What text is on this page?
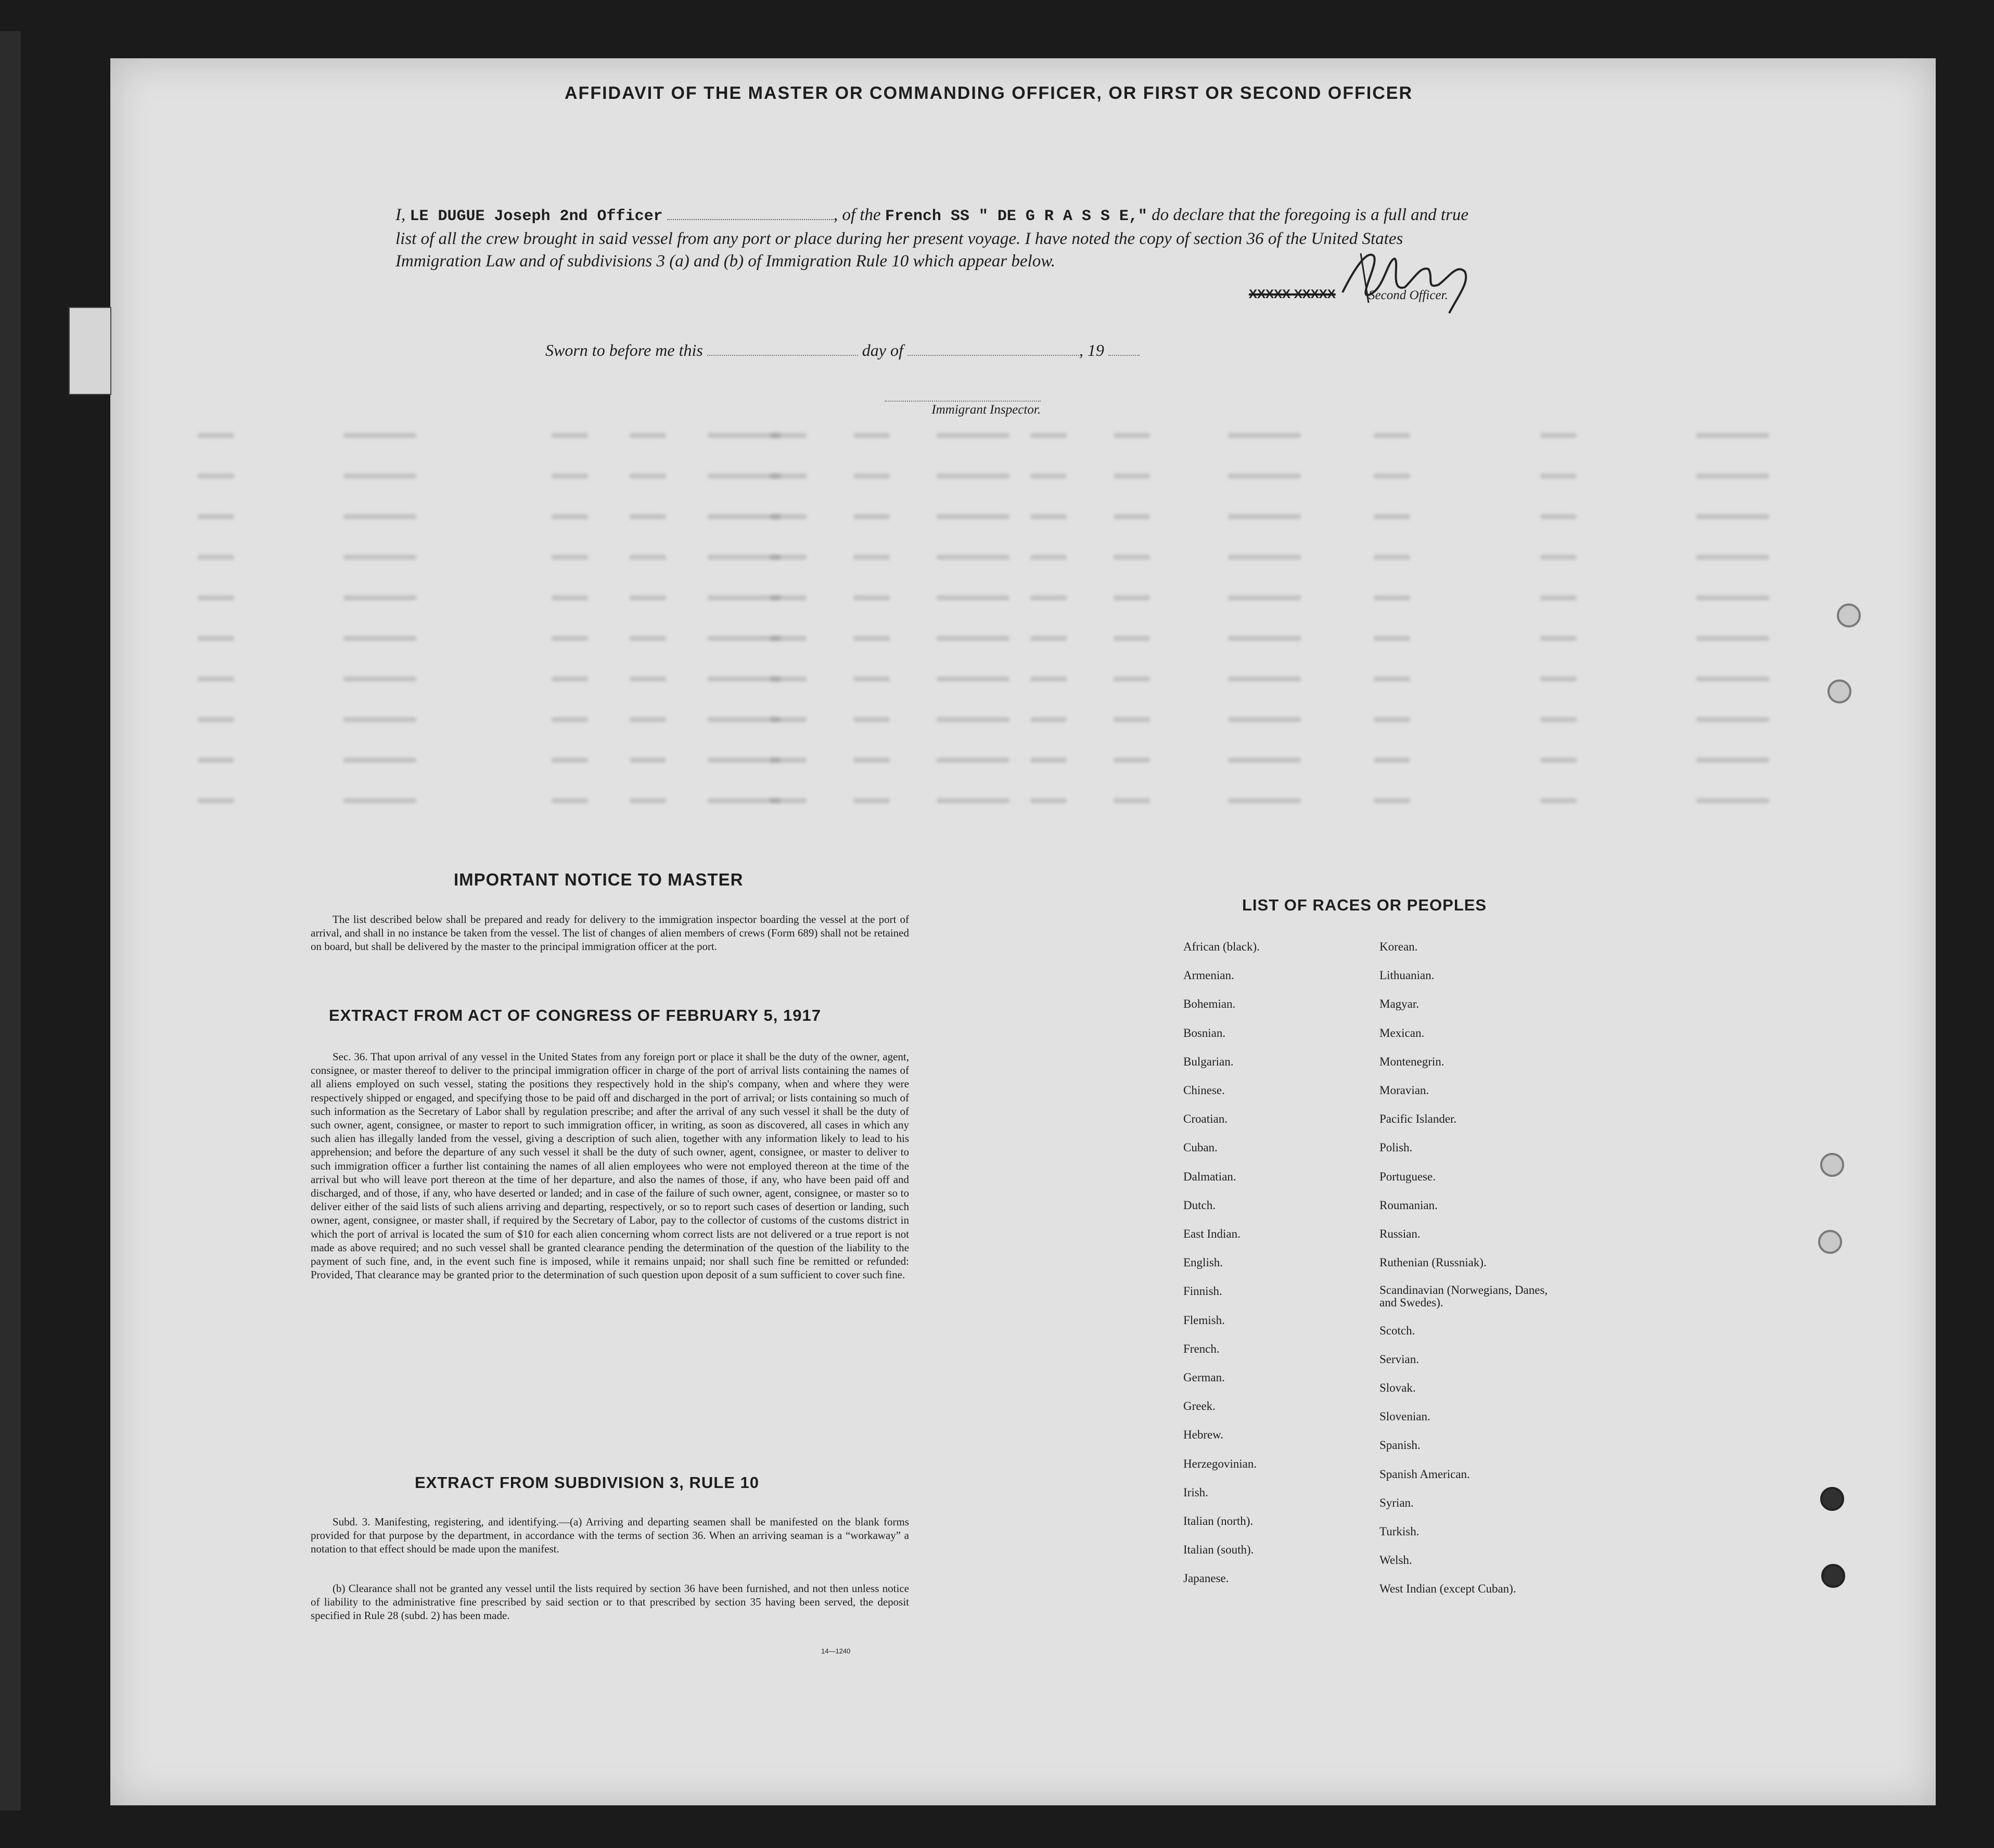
AFFIDAVIT OF THE MASTER OR COMMANDING OFFICER, OR FIRST OR SECOND OFFICER
I, LE DUGUE Joseph 2nd Officer	, of the French SS " DE G R A S S E," do declare that the foregoing is a full and true list of all the crew brought in said vessel from any port or place during her present voyage. I have noted the copy of section 36 of the United States Immigration Law and of subdivisions 3 (a) and (b) of Immigration Rule 10 which appear below.
XXXXX XXXXX	Second Officer.
Sworn to before me this	day of	, 19
Immigrant Inspector.
IMPORTANT NOTICE TO MASTER
The list described below shall be prepared and ready for delivery to the immigration inspector boarding the vessel at the port of arrival, and shall in no instance be taken from the vessel. The list of changes of alien members of crews (Form 689) shall not be retained on board, but shall be delivered by the master to the principal immigration officer at the port.
EXTRACT FROM ACT OF CONGRESS OF FEBRUARY 5, 1917
Sec. 36. That upon arrival of any vessel in the United States from any foreign port or place it shall be the duty of the owner, agent, consignee, or master thereof to deliver to the principal immigration officer in charge of the port of arrival lists containing the names of all aliens employed on such vessel, stating the positions they respectively hold in the ship's company, when and where they were respectively shipped or engaged, and specifying those to be paid off and discharged in the port of arrival; or lists containing so much of such information as the Secretary of Labor shall by regulation prescribe; and after the arrival of any such vessel it shall be the duty of such owner, agent, consignee, or master to report to such immigration officer, in writing, as soon as discovered, all cases in which any such alien has illegally landed from the vessel, giving a description of such alien, together with any information likely to lead to his apprehension; and before the departure of any such vessel it shall be the duty of such owner, agent, consignee, or master to deliver to such immigration officer a further list containing the names of all alien employees who were not employed thereon at the time of the arrival but who will leave port thereon at the time of her departure, and also the names of those, if any, who have been paid off and discharged, and of those, if any, who have deserted or landed; and in case of the failure of such owner, agent, consignee, or master so to deliver either of the said lists of such aliens arriving and departing, respectively, or so to report such cases of desertion or landing, such owner, agent, consignee, or master shall, if required by the Secretary of Labor, pay to the collector of customs of the customs district in which the port of arrival is located the sum of $10 for each alien concerning whom correct lists are not delivered or a true report is not made as above required; and no such vessel shall be granted clearance pending the determination of the question of the liability to the payment of such fine, and, in the event such fine is imposed, while it remains unpaid; nor shall such fine be remitted or refunded: Provided, That clearance may be granted prior to the determination of such question upon deposit of a sum sufficient to cover such fine.
EXTRACT FROM SUBDIVISION 3, RULE 10
Subd. 3. Manifesting, registering, and identifying.—(a) Arriving and departing seamen shall be manifested on the blank forms provided for that purpose by the department, in accordance with the terms of section 36. When an arriving seaman is a “workaway” a notation to that effect should be made upon the manifest.
(b) Clearance shall not be granted any vessel until the lists required by section 36 have been furnished, and not then unless notice of liability to the administrative fine prescribed by said section or to that prescribed by section 35 having been served, the deposit specified in Rule 28 (subd. 2) has been made.
14—1240
LIST OF RACES OR PEOPLES
African (black).
Armenian.
Bohemian.
Bosnian.
Bulgarian.
Chinese.
Croatian.
Cuban.
Dalmatian.
Dutch.
East Indian.
English.
Finnish.
Flemish.
French.
German.
Greek.
Hebrew.
Herzegovinian.
Irish.
Italian (north).
Italian (south).
Japanese.
Korean.
Lithuanian.
Magyar.
Mexican.
Montenegrin.
Moravian.
Pacific Islander.
Polish.
Portuguese.
Roumanian.
Russian.
Ruthenian (Russniak).
Scandinavian (Norwegians, Danes, and Swedes).
Scotch.
Servian.
Slovak.
Slovenian.
Spanish.
Spanish American.
Syrian.
Turkish.
Welsh.
West Indian (except Cuban).
